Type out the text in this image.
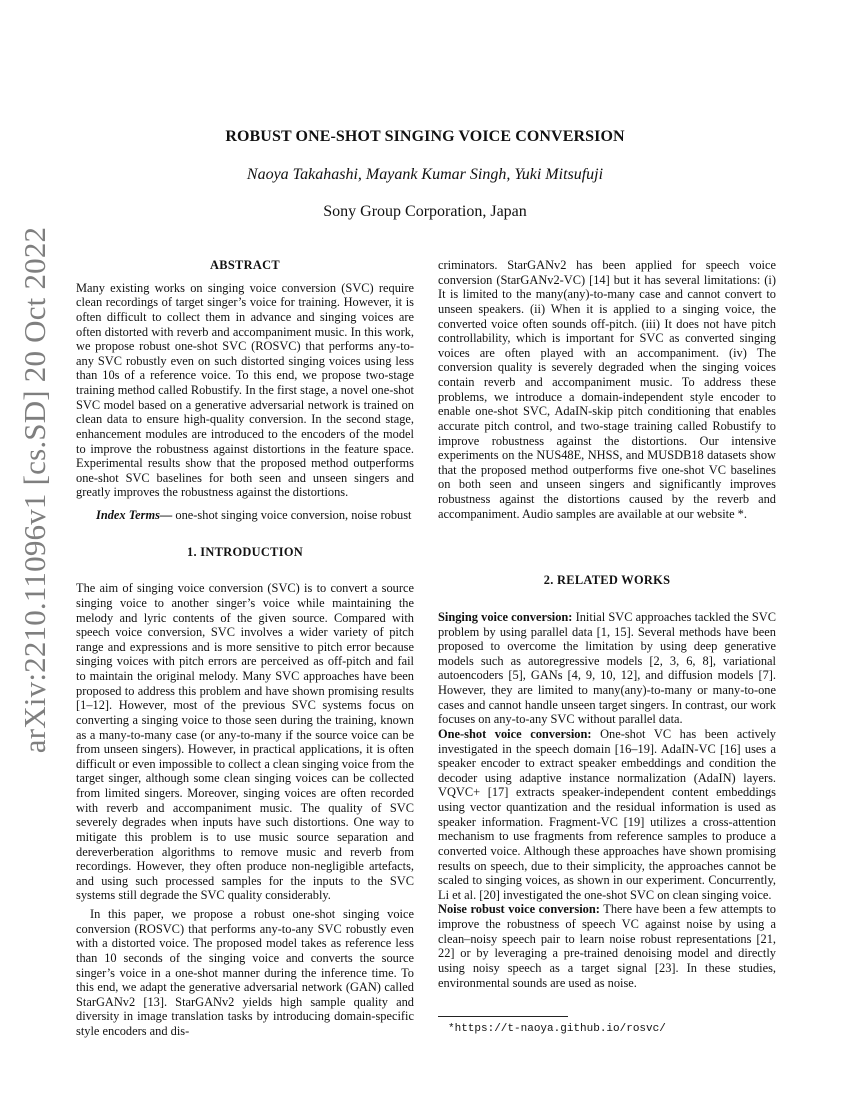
arXiv:2210.11096v1 [cs.SD] 20 Oct 2022
ROBUST ONE-SHOT SINGING VOICE CONVERSION
Naoya Takahashi, Mayank Kumar Singh, Yuki Mitsufuji
Sony Group Corporation, Japan
ABSTRACT

Many existing works on singing voice conversion (SVC) require clean recordings of target singer’s voice for training. However, it is often difficult to collect them in advance and singing voices are often distorted with reverb and accompaniment music. In this work, we propose robust one-shot SVC (ROSVC) that performs any-to-any SVC robustly even on such distorted singing voices using less than 10s of a reference voice. To this end, we propose two-stage training method called Robustify. In the first stage, a novel one-shot SVC model based on a generative adversarial network is trained on clean data to ensure high-quality conversion. In the second stage, enhancement modules are introduced to the encoders of the model to improve the robustness against distortions in the feature space. Experimental results show that the proposed method outperforms one-shot SVC baselines for both seen and unseen singers and greatly improves the robustness against the distortions.

Index Terms— one-shot singing voice conversion, noise robust

1. INTRODUCTION

The aim of singing voice conversion (SVC) is to convert a source singing voice to another singer’s voice while maintaining the melody and lyric contents of the given source. Compared with speech voice conversion, SVC involves a wider variety of pitch range and expressions and is more sensitive to pitch error because singing voices with pitch errors are perceived as off-pitch and fail to maintain the original melody. Many SVC approaches have been proposed to address this problem and have shown promising results [1–12]. However, most of the previous SVC systems focus on converting a singing voice to those seen during the training, known as a many-to-many case (or any-to-many if the source voice can be from unseen singers). However, in practical applications, it is often difficult or even impossible to collect a clean singing voice from the target singer, although some clean singing voices can be collected from limited singers. Moreover, singing voices are often recorded with reverb and accompaniment music. The quality of SVC severely degrades when inputs have such distortions. One way to mitigate this problem is to use music source separation and dereverberation algorithms to remove music and reverb from recordings. However, they often produce non-negligible artefacts, and using such processed samples for the inputs to the SVC systems still degrade the SVC quality considerably.

In this paper, we propose a robust one-shot singing voice conversion (ROSVC) that performs any-to-any SVC robustly even with a distorted voice. The proposed model takes as reference less than 10 seconds of the singing voice and converts the source singer’s voice in a one-shot manner during the inference time. To this end, we adapt the generative adversarial network (GAN) called StarGANv2 [13]. StarGANv2 yields high sample quality and diversity in image translation tasks by introducing domain-specific style encoders and dis-

criminators. StarGANv2 has been applied for speech voice conversion (StarGANv2-VC) [14] but it has several limitations: (i) It is limited to the many(any)-to-many case and cannot convert to unseen speakers. (ii) When it is applied to a singing voice, the converted voice often sounds off-pitch. (iii) It does not have pitch controllability, which is important for SVC as converted singing voices are often played with an accompaniment. (iv) The conversion quality is severely degraded when the singing voices contain reverb and accompaniment music. To address these problems, we introduce a domain-independent style encoder to enable one-shot SVC, AdaIN-skip pitch conditioning that enables accurate pitch control, and two-stage training called Robustify to improve robustness against the distortions. Our intensive experiments on the NUS48E, NHSS, and MUSDB18 datasets show that the proposed method outperforms five one-shot VC baselines on both seen and unseen singers and significantly improves robustness against the distortions caused by the reverb and accompaniment. Audio samples are available at our website *.

2. RELATED WORKS

Singing voice conversion: Initial SVC approaches tackled the SVC problem by using parallel data [1, 15]. Several methods have been proposed to overcome the limitation by using deep generative models such as autoregressive models [2, 3, 6, 8], variational autoencoders [5], GANs [4, 9, 10, 12], and diffusion models [7]. However, they are limited to many(any)-to-many or many-to-one cases and cannot handle unseen target singers. In contrast, our work focuses on any-to-any SVC without parallel data.

One-shot voice conversion: One-shot VC has been actively investigated in the speech domain [16–19]. AdaIN-VC [16] uses a speaker encoder to extract speaker embeddings and condition the decoder using adaptive instance normalization (AdaIN) layers. VQVC+ [17] extracts speaker-independent content embeddings using vector quantization and the residual information is used as speaker information. Fragment-VC [19] utilizes a cross-attention mechanism to use fragments from reference samples to produce a converted voice. Although these approaches have shown promising results on speech, due to their simplicity, the approaches cannot be scaled to singing voices, as shown in our experiment. Concurrently, Li et al. [20] investigated the one-shot SVC on clean singing voice.

Noise robust voice conversion: There have been a few attempts to improve the robustness of speech VC against noise by using a clean–noisy speech pair to learn noise robust representations [21, 22] or by leveraging a pre-trained denoising model and directly using noisy speech as a target signal [23]. In these studies, environmental sounds are used as noise.

*https://t-naoya.github.io/rosvc/
